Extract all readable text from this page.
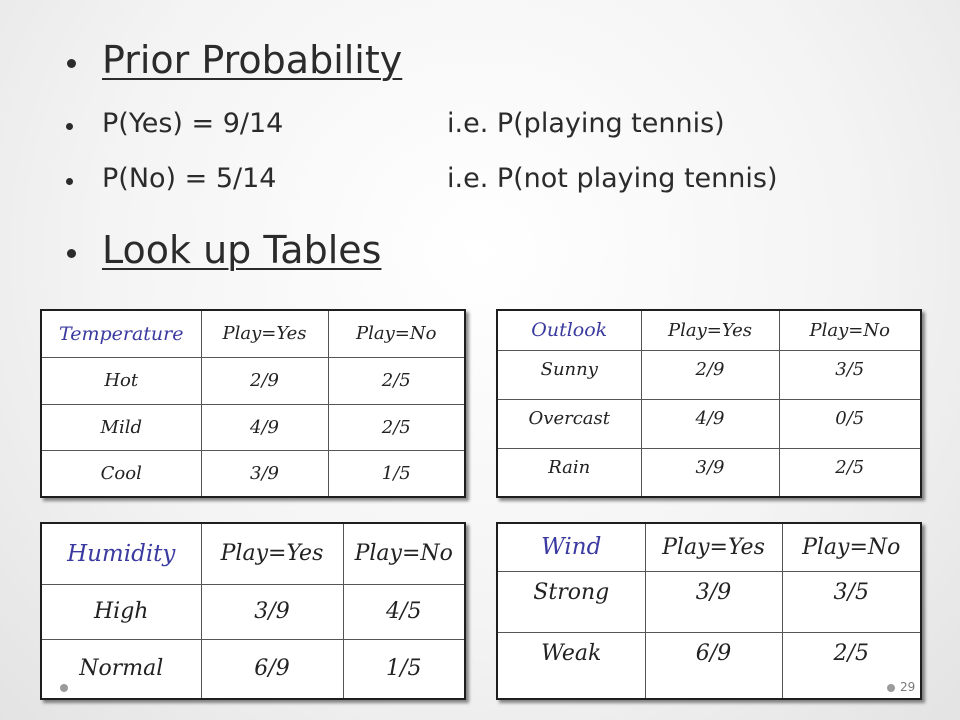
Prior Probability
P(Yes) = 9/14	i.e. P(playing tennis)
P(No) = 5/14	i.e. P(not playing tennis)
Look up Tables
Temperature	Play=Yes	Play=No
Hot	2/9	2/5
Mild	4/9	2/5
Cool	3/9	1/5
Outlook	Play=Yes	Play=No
Sunny	2/9	3/5
Overcast	4/9	0/5
Rain	3/9	2/5
Humidity	Play=Yes	Play=No
High	3/9	4/5
Normal	6/9	1/5
Wind	Play=Yes	Play=No
Strong	3/9	3/5
Weak	6/9	2/5
29
